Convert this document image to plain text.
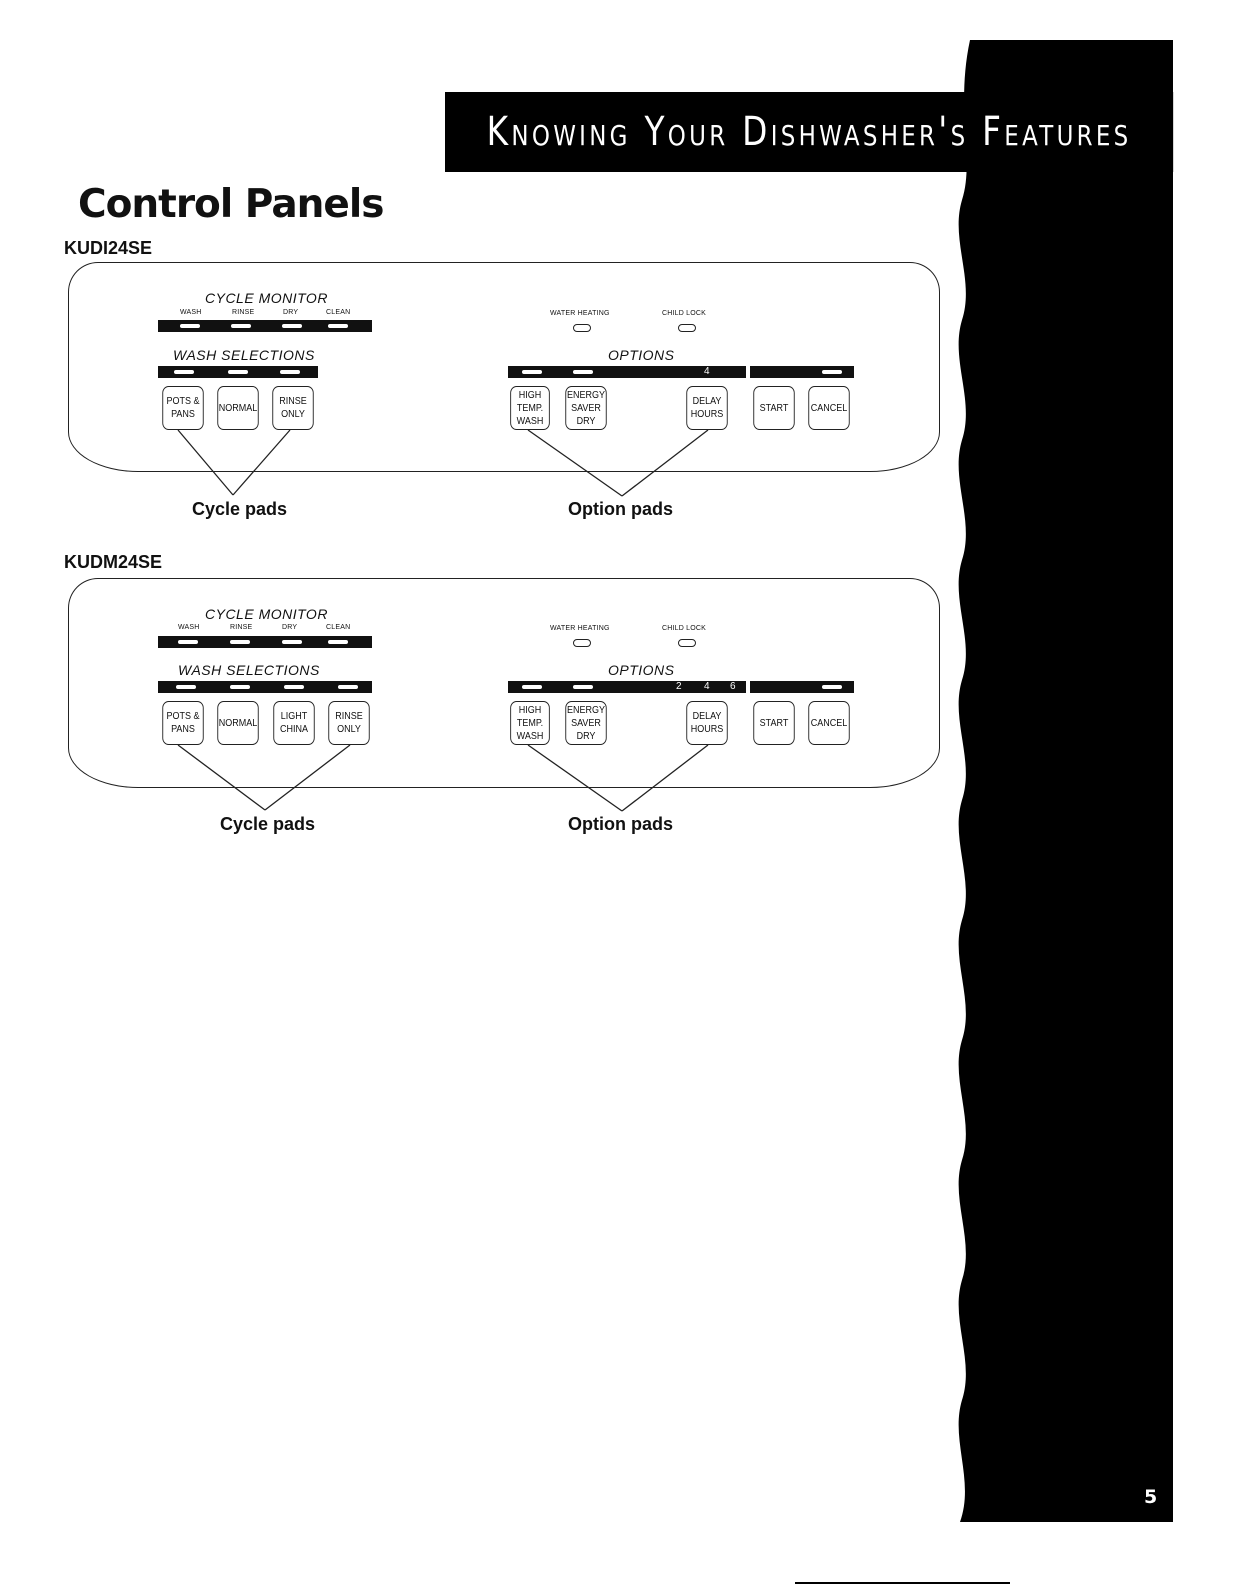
Knowing Your Dishwasher's Features
Control Panels
KUDI24SE
CYCLE MONITOR
WASH	RINSE	DRY	CLEAN
WASH SELECTIONS
POTS &
PANS
NORMAL
RINSE
ONLY
WATER HEATING	CHILD LOCK
OPTIONS
4
HIGH
TEMP.
WASH
ENERGY
SAVER
DRY
DELAY
HOURS
START CANCEL
Cycle pads	Option pads
KUDM24SE
CYCLE MONITOR
WASH	RINSE	DRY	CLEAN
WASH SELECTIONS
POTS &
PANS
NORMAL
LIGHT
CHINA
RINSE
ONLY
WATER HEATING	CHILD LOCK
OPTIONS
2 4 6
HIGH
TEMP.
WASH
ENERGY
SAVER
DRY
DELAY
HOURS
START CANCEL
Cycle pads	Option pads
5
